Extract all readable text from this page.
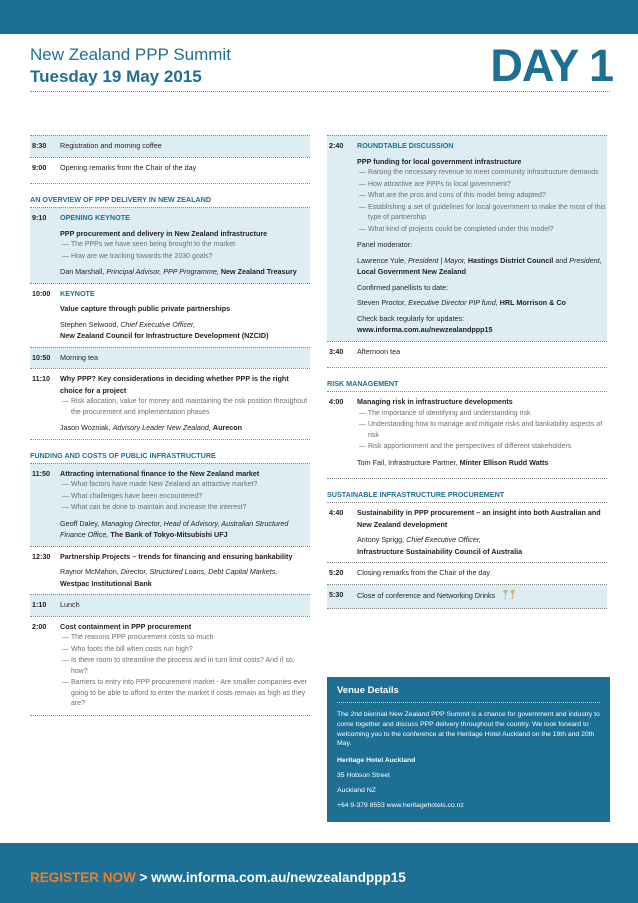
New Zealand PPP Summit
Tuesday 19 May 2015	DAY 1
8:30 Registration and morning coffee
9:00 Opening remarks from the Chair of the day
AN OVERVIEW OF PPP DELIVERY IN NEW ZEALAND
9:10 OPENING KEYNOTE
PPP procurement and delivery in New Zealand infrastructure
— The PPPs we have seen being brought to the market
— How are we tracking towards the 2030 goals?
Dan Marshall, Principal Advisor, PPP Programme, New Zealand Treasury
10:00 KEYNOTE
Value capture through public private partnerships
Stephen Selwood, Chief Executive Officer,
New Zealand Council for Infrastructure Development (NZCID)
10:50 Morning tea
11:10 Why PPP? Key considerations in deciding whether PPP is the right choice for a project
— Risk allocation, value for money and maintaining the risk position throughout the procurement and implementation phases
Jason Wozniak, Advisory Leader New Zealand, Aurecon
FUNDING AND COSTS OF PUBLIC INFRASTRUCTURE
11:50 Attracting international finance to the New Zealand market
— What factors have made New Zealand an attractive market?
— What challenges have been encountered?
— What can be done to maintain and increase the interest?
Geoff Daley, Managing Director, Head of Advisory, Australian Structured Finance Office, The Bank of Tokyo-Mitsubishi UFJ
12:30 Partnership Projects – trends for financing and ensuring bankability
Raynor McMahon, Director, Structured Loans, Debt Capital Markets,
Westpac Institutional Bank
1:10 Lunch
2:00 Cost containment in PPP procurement
— The reasons PPP procurement costs so much
— Who foots the bill when costs run high?
— Is there room to streamline the process and in turn limit costs? And if so, how?
— Barriers to entry into PPP procurement market - Are smaller companies ever going to be able to afford to enter the market if costs remain as high as they are?
2:40 ROUNDTABLE DISCUSSION
PPP funding for local government infrastructure
— Raising the necessary revenue to meet community infrastructure demands
— How attractive are PPPs to local government?
— What are the pros and cons of this model being adopted?
— Establishing a set of guidelines for local government to make the most of this type of partnership
— What kind of projects could be completed under this model?
Panel moderator:
Lawrence Yule, President | Mayor, Hastings District Council and President, Local Government New Zealand
Confirmed panellists to date:
Steven Proctor, Executive Director PIP fund, HRL Morrison & Co
Check back regularly for updates:
www.informa.com.au/newzealandppp15
3:40 Afternoon tea
RISK MANAGEMENT
4:00 Managing risk in infrastructure developments
— The importance of identifying and understanding risk
— Understanding how to manage and mitigate risks and bankability aspects of risk
— Risk apportionment and the perspectives of different stakeholders
Tom Fail, Infrastructure Partner, Minter Ellison Rudd Watts
SUSTAINABLE INFRASTRUCTURE PROCUREMENT
4:40 Sustainability in PPP procurement – an insight into both Australian and New Zealand development
Antony Sprigg, Chief Executive Officer,
Infrastructure Sustainability Council of Australia
5:20 Closing remarks from the Chair of the day
5:30 Close of conference and Networking Drinks
Venue Details
The 2nd biennial New Zealand PPP Summit is a chance for government and industry to come together and discuss PPP delivery throughout the country. We look forward to welcoming you to the conference at the Heritage Hotel Auckland on the 19th and 20th May.
Heritage Hotel Auckland
35 Hobson Street
Auckland NZ
+64 9-379 8553 www.heritagehotels.co.nz
REGISTER NOW > www.informa.com.au/newzealandppp15
